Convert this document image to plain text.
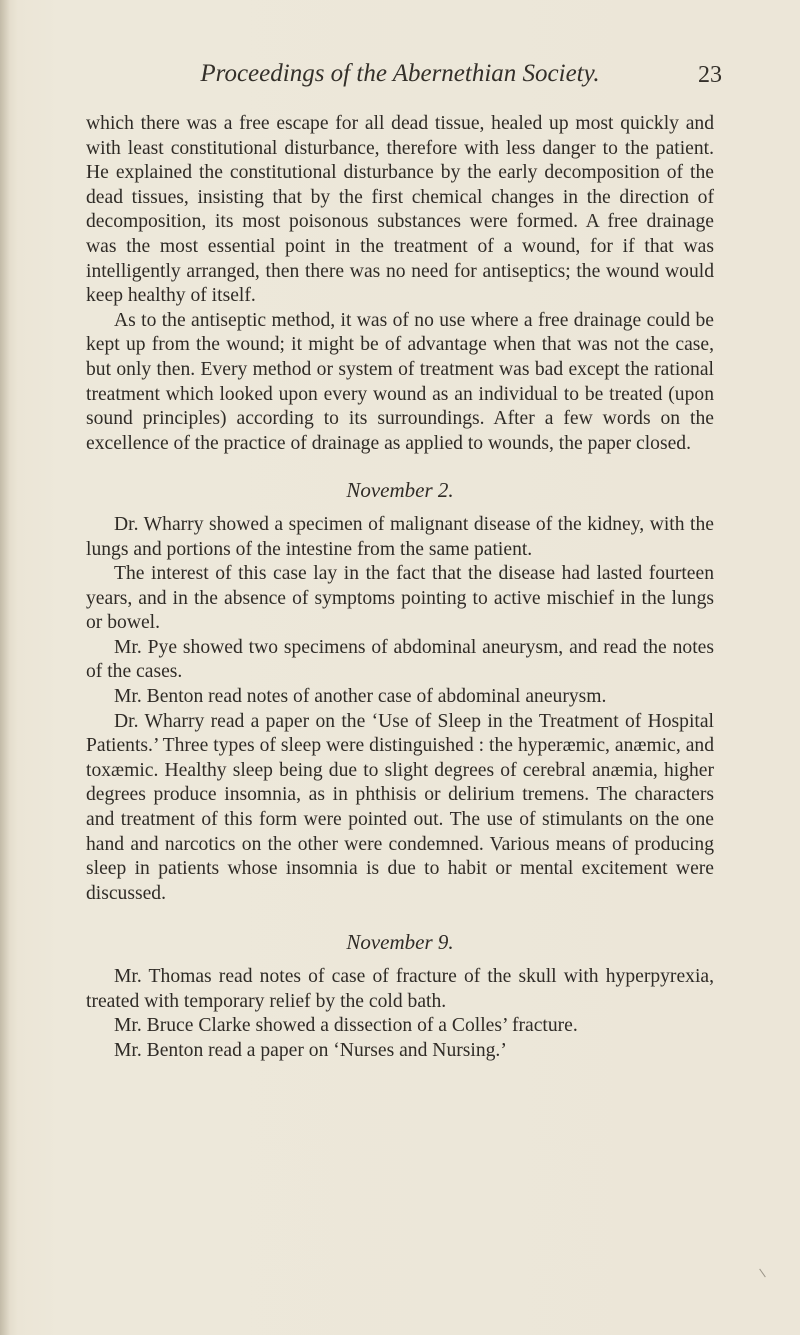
Proceedings of the Abernethian Society.	23

which there was a free escape for all dead tissue, healed up most quickly and with least constitutional disturbance, therefore with less danger to the patient. He explained the constitutional disturbance by the early decomposition of the dead tissues, insisting that by the first chemical changes in the direction of decomposition, its most poisonous substances were formed. A free drainage was the most essential point in the treatment of a wound, for if that was intelligently arranged, then there was no need for antiseptics; the wound would keep healthy of itself.

As to the antiseptic method, it was of no use where a free drainage could be kept up from the wound; it might be of advantage when that was not the case, but only then. Every method or system of treatment was bad except the rational treatment which looked upon every wound as an individual to be treated (upon sound principles) according to its surroundings. After a few words on the excellence of the practice of drainage as applied to wounds, the paper closed.

November 2.

Dr. Wharry showed a specimen of malignant disease of the kidney, with the lungs and portions of the intestine from the same patient.

The interest of this case lay in the fact that the disease had lasted fourteen years, and in the absence of symptoms pointing to active mischief in the lungs or bowel.

Mr. Pye showed two specimens of abdominal aneurysm, and read the notes of the cases.

Mr. Benton read notes of another case of abdominal aneurysm.

Dr. Wharry read a paper on the ‘Use of Sleep in the Treatment of Hospital Patients.’ Three types of sleep were distinguished : the hyperæmic, anæmic, and toxæmic. Healthy sleep being due to slight degrees of cerebral anæmia, higher degrees produce insomnia, as in phthisis or delirium tremens. The characters and treatment of this form were pointed out. The use of stimulants on the one hand and narcotics on the other were condemned. Various means of producing sleep in patients whose insomnia is due to habit or mental excitement were discussed.

November 9.

Mr. Thomas read notes of case of fracture of the skull with hyperpyrexia, treated with temporary relief by the cold bath.

Mr. Bruce Clarke showed a dissection of a Colles’ fracture.

Mr. Benton read a paper on ‘Nurses and Nursing.’
